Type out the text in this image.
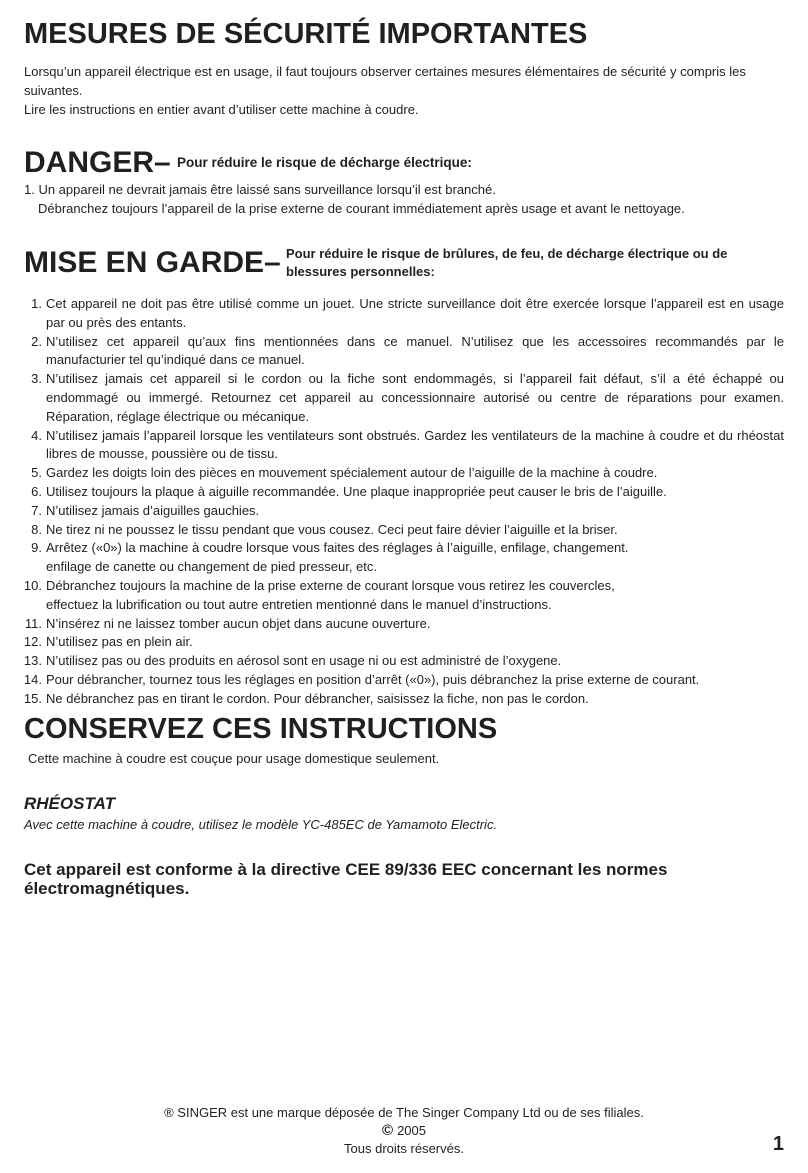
MESURES DE SÉCURITÉ IMPORTANTES

Lorsqu’un appareil électrique est en usage, il faut toujours observer certaines mesures élémentaires de sécurité y compris les suivantes.

Lire les instructions en entier avant d’utiliser cette machine à coudre.

DANGER– Pour réduire le risque de décharge électrique:

1. Un appareil ne devrait jamais être laissé sans surveillance lorsqu’il est branché.

Débranchez toujours l’appareil de la prise externe de courant immédiatement après usage et avant le nettoyage.

MISE EN GARDE– Pour réduire le risque de brûlures, de feu, de décharge électrique ou de blessures personnelles:
1. Cet appareil ne doit pas être utilisé comme un jouet. Une stricte surveillance doit être exercée lorsque l’appareil est en usage par ou près des entants.
2. N’utilisez cet appareil qu’aux fins mentionnées dans ce manuel. N’utilisez que les accessoires recommandés par le manufacturier tel qu’indiqué dans ce manuel.
3. N’utilisez jamais cet appareil si le cordon ou la fiche sont endommagés, si l’appareil fait défaut, s’il a été échappé ou endommagé ou immergé. Retournez cet appareil au concessionnaire autorisé ou centre de réparations pour examen. Réparation, réglage électrique ou mécanique.
4. N’utilisez jamais l’appareil lorsque les ventilateurs sont obstrués. Gardez les ventilateurs de la machine à coudre et du rhéostat libres de mousse, poussière ou de tissu.
5. Gardez les doigts loin des pièces en mouvement spécialement autour de l’aiguille de la machine à coudre.
6. Utilisez toujours la plaque à aiguille recommandée. Une plaque inappropriée peut causer le bris de l’aiguille.
7. N’utilisez jamais d’aiguilles gauchies.
8. Ne tirez ni ne poussez le tissu pendant que vous cousez. Ceci peut faire dévier l’aiguille et la briser.
9. Arrêtez («0») la machine à coudre lorsque vous faites des réglages à l’aiguille, enfilage, changement.
enfilage de canette ou changement de pied presseur, etc.
10. Débranchez toujours la machine de la prise externe de courant lorsque vous retirez les couvercles,
effectuez la lubrification ou tout autre entretien mentionné dans le manuel d’instructions.
11. N’insérez ni ne laissez tomber aucun objet dans aucune ouverture.
12. N’utilisez pas en plein air.
13. N’utilisez pas ou des produits en aérosol sont en usage ni ou est administré de l’oxygene.
14. Pour débrancher, tournez tous les réglages en position d’arrêt («0»), puis débranchez la prise externe de courant.
15. Ne débranchez pas en tirant le cordon. Pour débrancher, saisissez la fiche, non pas le cordon.
CONSERVEZ CES INSTRUCTIONS
Cette machine à coudre est couçue pour usage domestique seulement.
RHÉOSTAT
Avec cette machine à coudre, utilisez le modèle YC-485EC de Yamamoto Electric.
Cet appareil est conforme à la directive CEE 89/336 EEC concernant les normes électromagnétiques.
® SINGER est une marque déposée de The Singer Company Ltd ou de ses filiales.
© 2005
Tous droits réservés.	1
